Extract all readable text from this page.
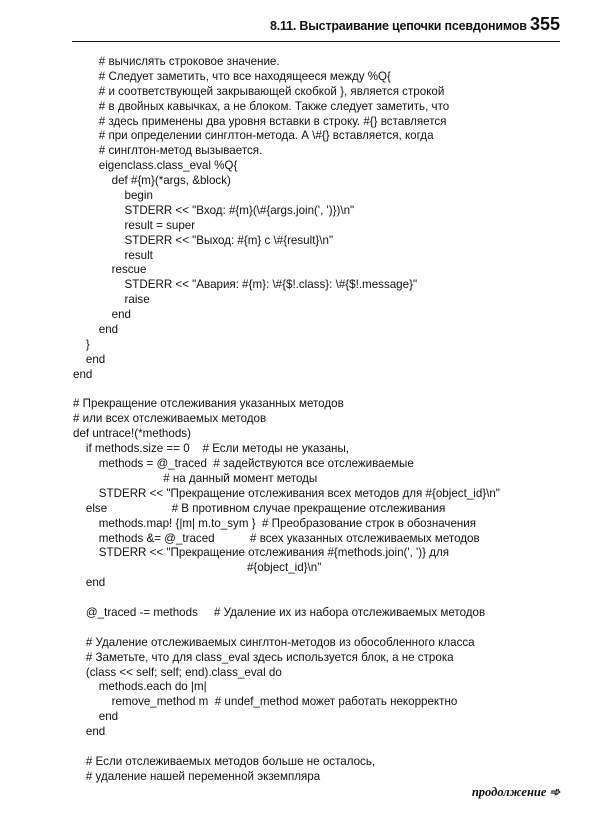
8.11. Выстраивание цепочки псевдонимов 355
# вычислять строковое значение.
# Следует заметить, что все находящееся между %Q{
# и соответствующей закрывающей скобкой }, является строкой
# в двойных кавычках, а не блоком. Также следует заметить, что
# здесь применены два уровня вставки в строку. #{} вставляется
# при определении синглтон-метода. А \#{} вставляется, когда
# синглтон-метод вызывается.
eigenclass.class_eval %Q{
def #{m}(*args, &block)
begin
STDERR << "Вход: #{m}(\#{args.join(', ')})\n"
result = super
STDERR << "Выход: #{m} с \#{result}\n"
result
rescue
STDERR << "Авария: #{m}: \#{$!.class}: \#{$!.message}"
raise
end
end
}
end
end

# Прекращение отслеживания указанных методов
# или всех отслеживаемых методов
def untrace!(*methods)
if methods.size == 0    # Если методы не указаны,
methods = @_traced  # задействуются все отслеживаемые
# на данный момент методы
STDERR << "Прекращение отслеживания всех методов для #{object_id}\n"
else                    # В противном случае прекращение отслеживания
methods.map! {|m| m.to_sym }  # Преобразование строк в обозначения
methods &= @_traced           # всех указанных отслеживаемых методов
STDERR << "Прекращение отслеживания #{methods.join(', ')} для
#{object_id}\n"
end

@_traced -= methods     # Удаление их из набора отслеживаемых методов

# Удаление отслеживаемых синглтон-методов из обособленного класса
# Заметьте, что для class_eval здесь используется блок, а не строка
(class << self; self; end).class_eval do
methods.each do |m|
remove_method m  # undef_method может работать некорректно
end
end

# Если отслеживаемых методов больше не осталось,
# удаление нашей переменной экземпляра
продолжение ➾
